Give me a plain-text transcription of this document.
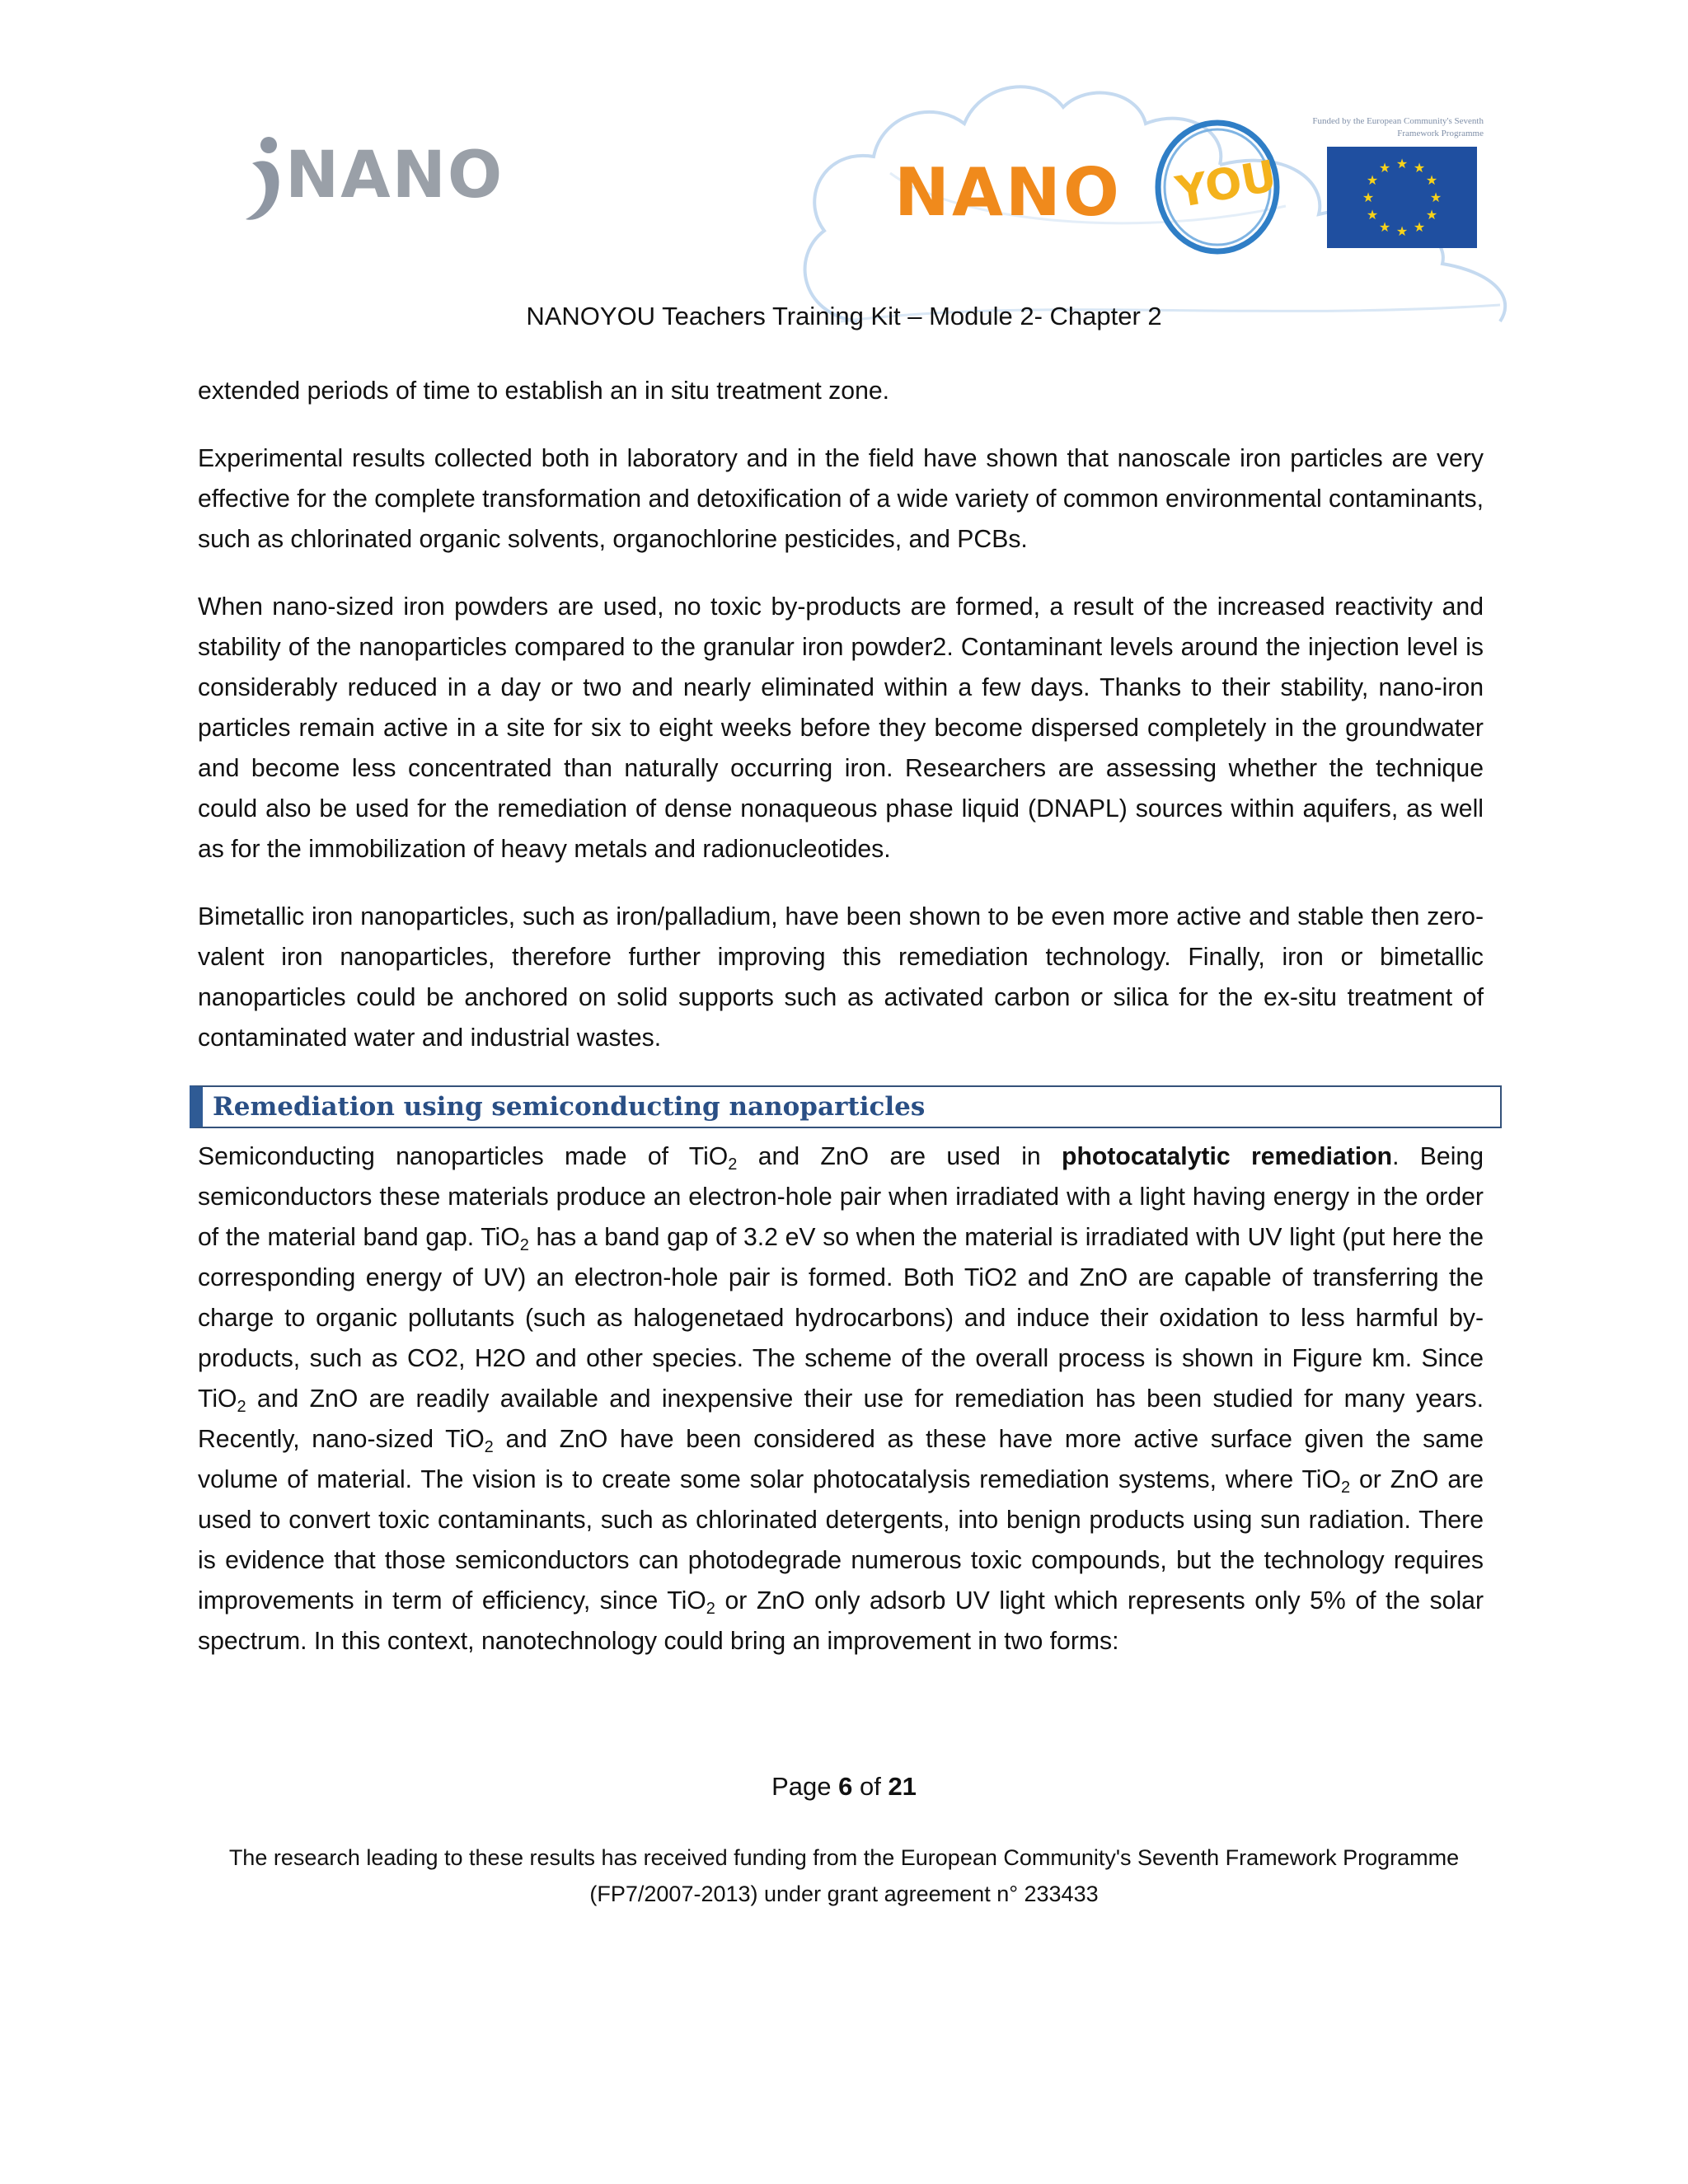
NANO	NANO YOU
Funded by the European Community's Seventh Framework Programme
★ ★
★
★
★
★
★
★
★
★
★
★
NANOYOU Teachers Training Kit – Module 2- Chapter 2

extended periods of time to establish an in situ treatment zone.

Experimental results collected both in laboratory and in the field have shown that nanoscale iron particles are very effective for the complete transformation and detoxification of a wide variety of common environmental contaminants, such as chlorinated organic solvents, organochlorine pesticides, and PCBs.

When nano-sized iron powders are used, no toxic by-products are formed, a result of the increased reactivity and stability of the nanoparticles compared to the granular iron powder2. Contaminant levels around the injection level is considerably reduced in a day or two and nearly eliminated within a few days. Thanks to their stability, nano-iron particles remain active in a site for six to eight weeks before they become dispersed completely in the groundwater and become less concentrated than naturally occurring iron. Researchers are assessing whether the technique could also be used for the remediation of dense nonaqueous phase liquid (DNAPL) sources within aquifers, as well as for the immobilization of heavy metals and radionucleotides.

Bimetallic iron nanoparticles, such as iron/palladium, have been shown to be even more active and stable then zero-valent iron nanoparticles, therefore further improving this remediation technology. Finally, iron or bimetallic nanoparticles could be anchored on solid supports such as activated carbon or silica for the ex-situ treatment of contaminated water and industrial wastes.

Remediation using semiconducting nanoparticles

Semiconducting nanoparticles made of TiO$_2$ and ZnO are used in photocatalytic remediation. Being semiconductors these materials produce an electron-hole pair when irradiated with a light having energy in the order of the material band gap. TiO$_2$ has a band gap of 3.2 eV so when the material is irradiated with UV light (put here the corresponding energy of UV) an electron-hole pair is formed. Both TiO2 and ZnO are capable of transferring the charge to organic pollutants (such as halogenetaed hydrocarbons) and induce their oxidation to less harmful by-products, such as CO2, H2O and other species. The scheme of the overall process is shown in Figure km. Since TiO$_2$ and ZnO are readily available and inexpensive their use for remediation has been studied for many years. Recently, nano-sized TiO$_2$ and ZnO have been considered as these have more active surface given the same volume of material. The vision is to create some solar photocatalysis remediation systems, where TiO$_2$ or ZnO are used to convert toxic contaminants, such as chlorinated detergents, into benign products using sun radiation. There is evidence that those semiconductors can photodegrade numerous toxic compounds, but the technology requires improvements in term of efficiency, since TiO$_2$ or ZnO only adsorb UV light which represents only 5% of the solar spectrum. In this context, nanotechnology could bring an improvement in two forms:

Page 6 of 21
The research leading to these results has received funding from the European Community's Seventh Framework Programme
(FP7/2007-2013) under grant agreement n° 233433
